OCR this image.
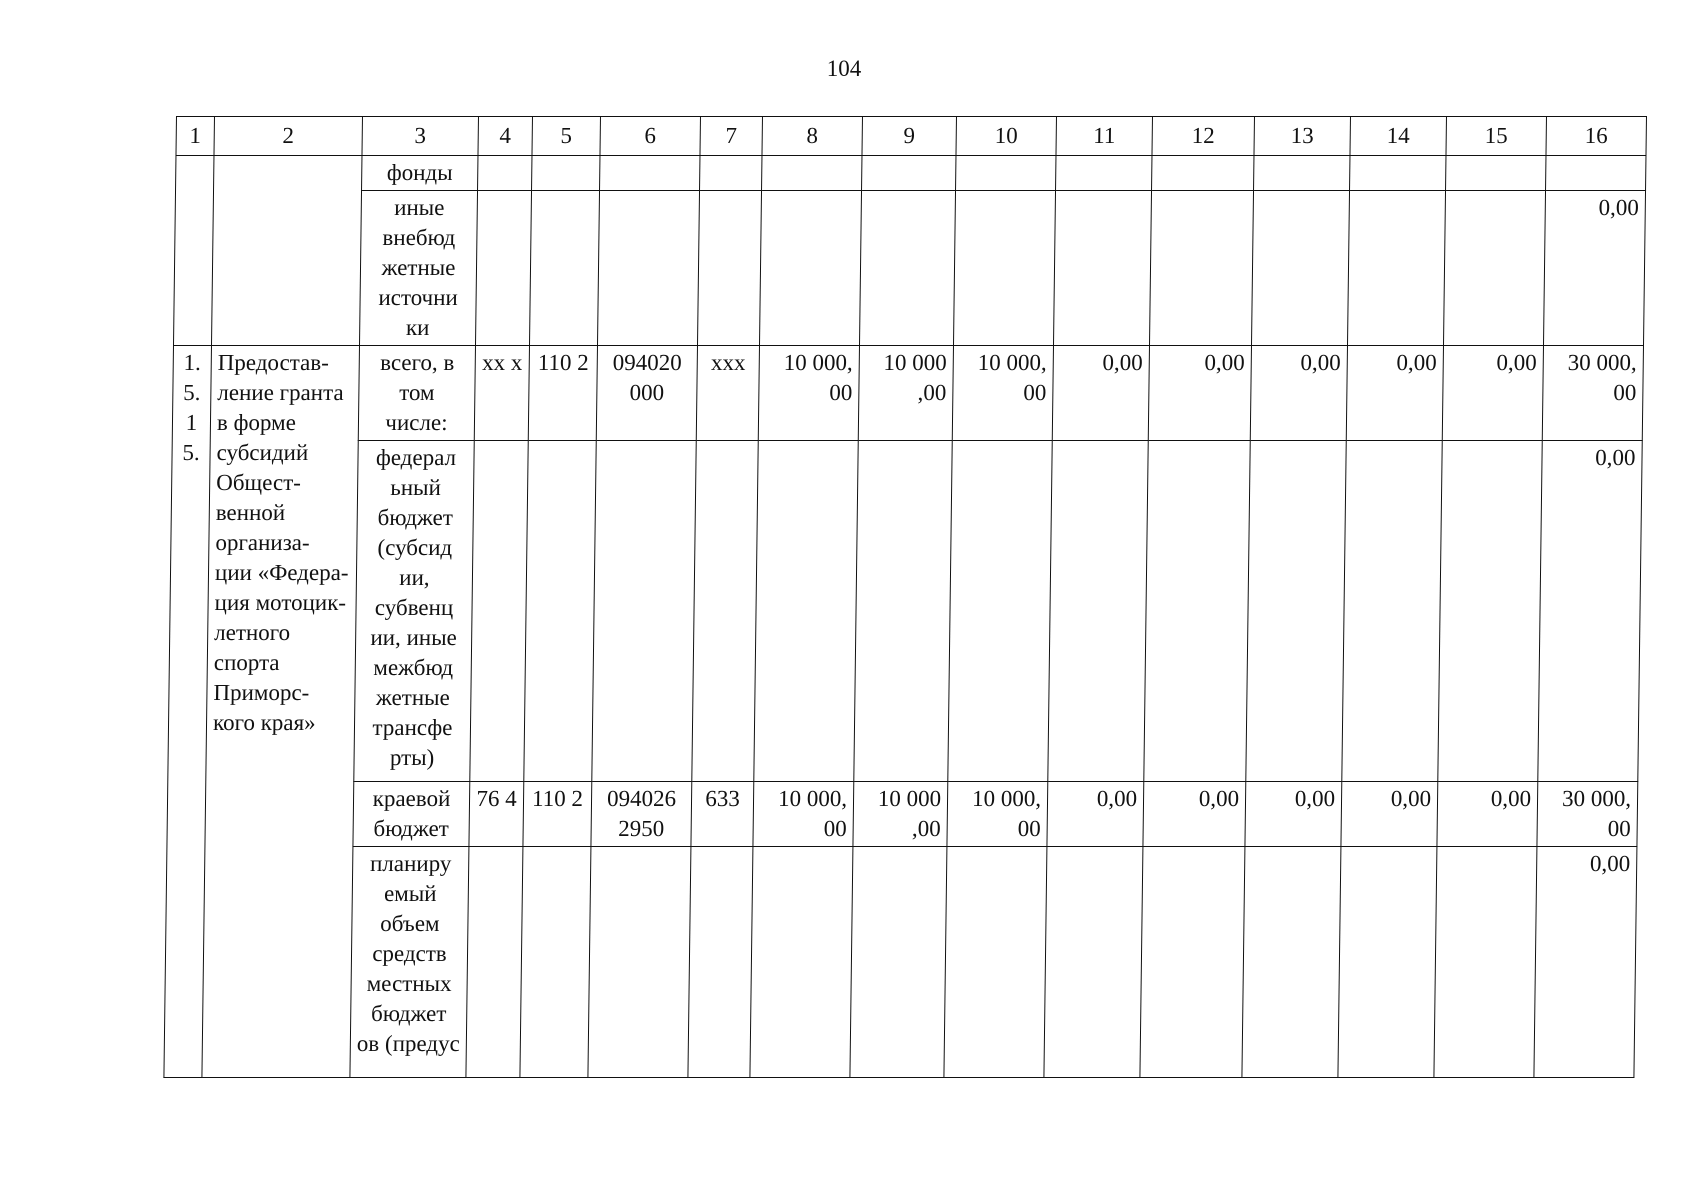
104
1	2	3	4	5	6	7	8	9	10	11	12	13	14	15	16
		фонды													
		иные внебюд жетные источни ки													0,00
1. 5. 1 5.	Предостав- ление гранта в форме субсидий Общест- венной организа- ции «Федера- ция мотоцик- летного спорта Приморс- кого края»	всего, в том числе:	хх х	110 2	094020 000	ххх	10 000, 00	10 000 ,00	10 000, 00	0,00	0,00	0,00	0,00	0,00	30 000, 00
		федерал ьный бюджет (субсид ии, субвенц ии, иные межбюд жетные трансфе рты)													0,00
		краевой бюджет	76 4	110 2	094026 2950	633	10 000, 00	10 000 ,00	10 000, 00	0,00	0,00	0,00	0,00	0,00	30 000, 00
		планиру емый объем средств местных бюджет ов (предус													0,00
